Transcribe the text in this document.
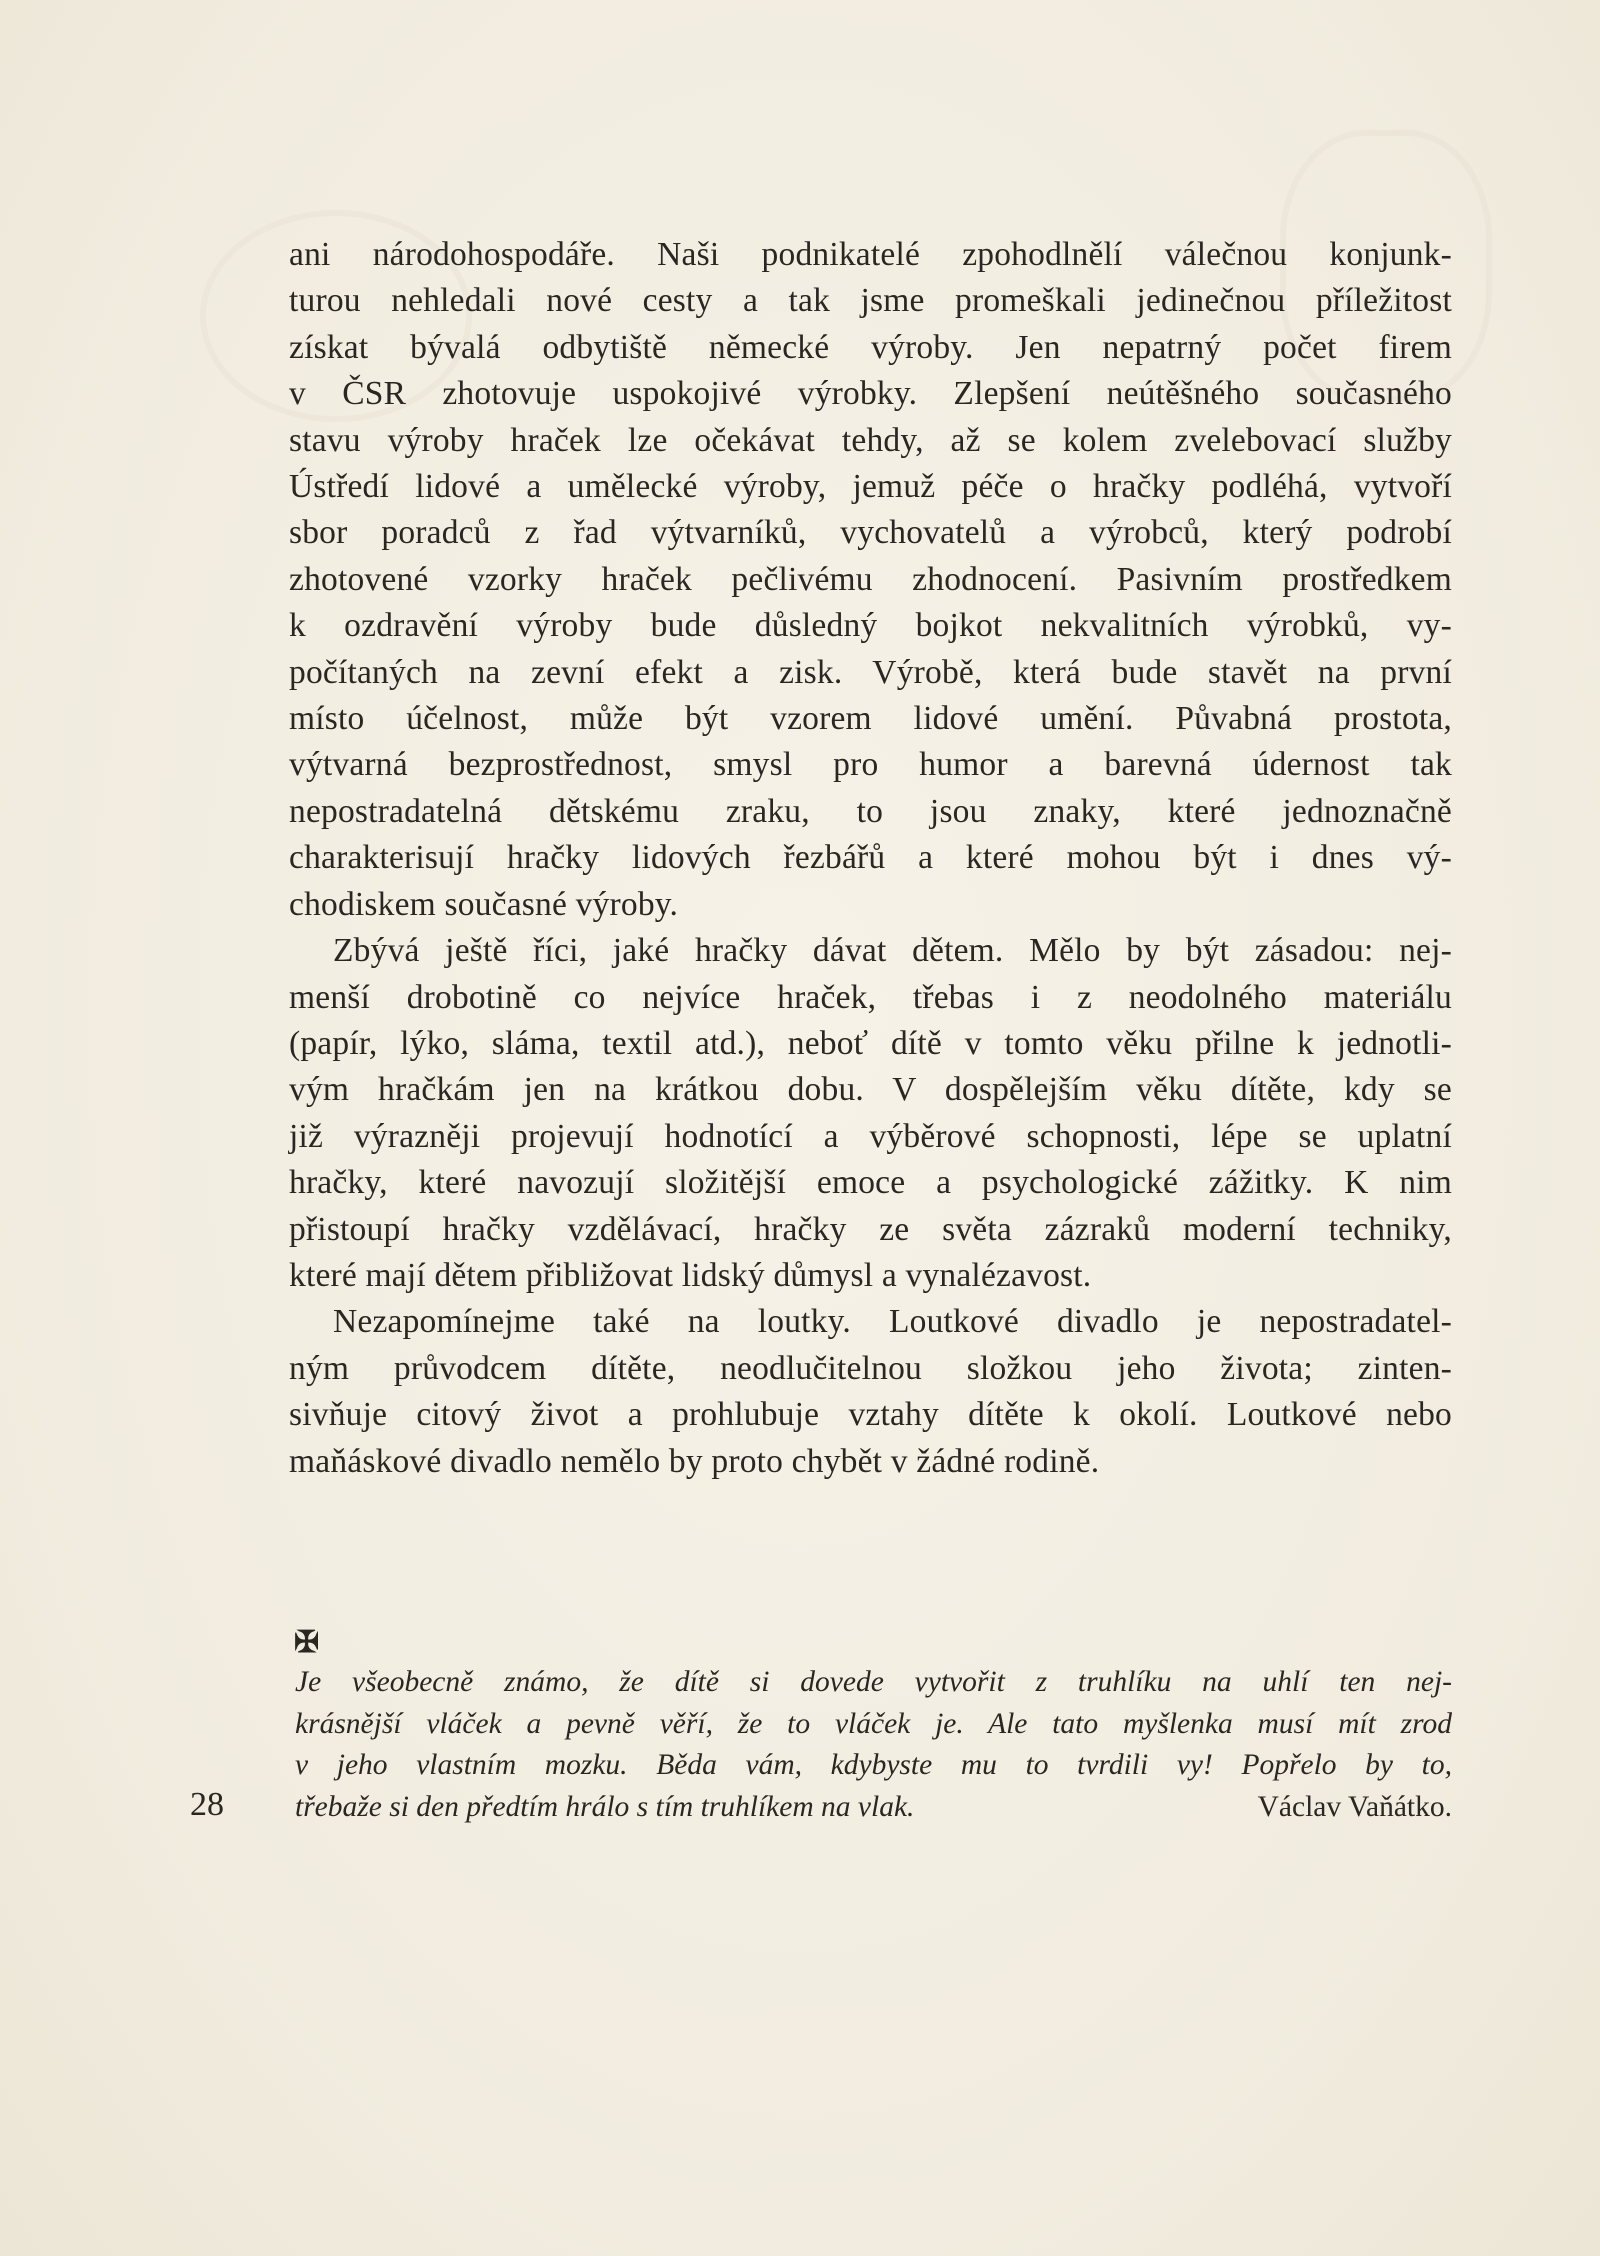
ani národohospodáře. Naši podnikatelé zpohodlnělí válečnou konjunk-
turou nehledali nové cesty a tak jsme promeškali jedinečnou příležitost
získat bývalá odbytiště německé výroby. Jen nepatrný počet firem
v ČSR zhotovuje uspokojivé výrobky. Zlepšení neútěšného současného
stavu výroby hraček lze očekávat tehdy, až se kolem zvelebovací služby
Ústředí lidové a umělecké výroby, jemuž péče o hračky podléhá, vytvoří
sbor poradců z řad výtvarníků, vychovatelů a výrobců, který podrobí
zhotovené vzorky hraček pečlivému zhodnocení. Pasivním prostředkem
k ozdravění výroby bude důsledný bojkot nekvalitních výrobků, vy-
počítaných na zevní efekt a zisk. Výrobě, která bude stavět na první
místo účelnost, může být vzorem lidové umění. Půvabná prostota,
výtvarná bezprostřednost, smysl pro humor a barevná údernost tak
nepostradatelná dětskému zraku, to jsou znaky, které jednoznačně
charakterisují hračky lidových řezbářů a které mohou být i dnes vý-
chodiskem současné výroby.

Zbývá ještě říci, jaké hračky dávat dětem. Mělo by být zásadou: nej-
menší drobotině co nejvíce hraček, třebas i z neodolného materiálu
(papír, lýko, sláma, textil atd.), neboť dítě v tomto věku přilne k jednotli-
vým hračkám jen na krátkou dobu. V dospělejším věku dítěte, kdy se
již výrazněji projevují hodnotící a výběrové schopnosti, lépe se uplatní
hračky, které navozují složitější emoce a psychologické zážitky. K nim
přistoupí hračky vzdělávací, hračky ze světa zázraků moderní techniky,
které mají dětem přibližovat lidský důmysl a vynalézavost.

Nezapomínejme také na loutky. Loutkové divadlo je nepostradatel-
ným průvodcem dítěte, neodlučitelnou složkou jeho života; zinten-
sivňuje citový život a prohlubuje vztahy dítěte k okolí. Loutkové nebo
maňáskové divadlo nemělo by proto chybět v žádné rodině.

✠
Je všeobecně známo, že dítě si dovede vytvořit z truhlíku na uhlí ten nej-
krásnější vláček a pevně věří, že to vláček je. Ale tato myšlenka musí mít zrod
v jeho vlastním mozku. Běda vám, kdybyste mu to tvrdili vy! Popřelo by to,
třebaže si den předtím hrálo s tím truhlíkem na vlak.	Václav Vaňátko.
28
